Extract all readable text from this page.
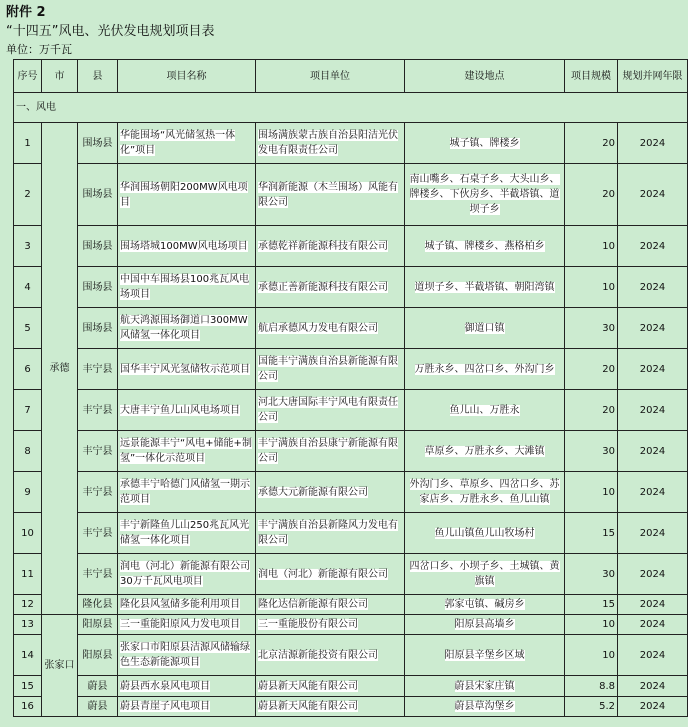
附件 2
“十四五”风电、光伏发电规划项目表
单位：万千瓦
序号	市	县	项目名称	项目单位	建设地点	项目规模	规划并网年限
一、风电							
1	承德	围场县	华能围场“风光储氢热一体化”项目	围场满族蒙古族自治县阳洁光伏发电有限责任公司	城子镇、牌楼乡	20	2024
2		围场县	华润围场朝阳200MW风电项目	华润新能源（木兰围场）风能有限公司	南山嘴乡、石桌子乡、大头山乡、牌楼乡、下伙房乡、半截塔镇、道坝子乡	20	2024
3		围场县	围场塔城100MW风电场项目	承德乾祥新能源科技有限公司	城子镇、牌楼乡、燕格柏乡	10	2024
4		围场县	中国中车围场县100兆瓦风电场项目	承德正善新能源科技有限公司	道坝子乡、半截塔镇、朝阳湾镇	10	2024
5		围场县	航天鸿源围场御道口300MW风储氢一体化项目	航启承德风力发电有限公司	御道口镇	30	2024
6		丰宁县	国华丰宁风光氢储牧示范项目	国能丰宁满族自治县新能源有限公司	万胜永乡、四岔口乡、外沟门乡	20	2024
7		丰宁县	大唐丰宁鱼儿山风电场项目	河北大唐国际丰宁风电有限责任公司	鱼儿山、万胜永	20	2024
8		丰宁县	远景能源丰宁“风电+储能+制氢”一体化示范项目	丰宁满族自治县康宁新能源有限公司	草原乡、万胜永乡、大滩镇	30	2024
9		丰宁县	承德丰宁哈德门风储氢一期示范项目	承德大元新能源有限公司	外沟门乡、草原乡、四岔口乡、苏家店乡、万胜永乡、鱼儿山镇	10	2024
10		丰宁县	丰宁新隆鱼儿山250兆瓦风光储氢一体化项目	丰宁满族自治县新隆风力发电有限公司	鱼儿山镇鱼儿山牧场村	15	2024
11		丰宁县	润电（河北）新能源有限公司30万千瓦风电项目	润电（河北）新能源有限公司	四岔口乡、小坝子乡、土城镇、黄旗镇	30	2024
12		隆化县	隆化县风氢储多能利用项目	隆化达信新能源有限公司	郭家屯镇、碱房乡	15	2024
13	张家口	阳原县	三一重能阳原风力发电项目	三一重能股份有限公司	阳原县高墙乡	10	2024
14		阳原县	张家口市阳原县洁源风储输绿色生态新能源项目	北京洁源新能投资有限公司	阳原县辛堡乡区域	10	2024
15		蔚县	蔚县西水泉风电项目	蔚县新天风能有限公司	蔚县宋家庄镇	8.8	2024
16		蔚县	蔚县青崖子风电项目	蔚县新天风能有限公司	蔚县草沟堡乡	5.2	2024
